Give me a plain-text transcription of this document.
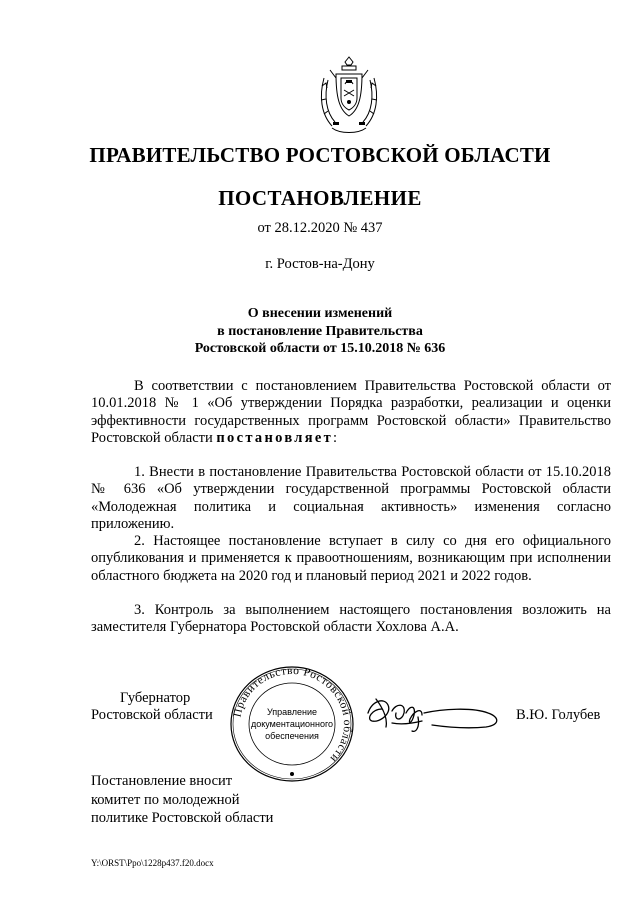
ПРАВИТЕЛЬСТВО РОСТОВСКОЙ ОБЛАСТИ
ПОСТАНОВЛЕНИЕ
от 28.12.2020 № 437
г. Ростов-на-Дону
О внесении изменений
в постановление Правительства
Ростовской области от 15.10.2018 № 636
В соответствии с постановлением Правительства Ростовской области от 10.01.2018 № 1 «Об утверждении Порядка разработки, реализации и оценки эффективности государственных программ Ростовской области» Правительство Ростовской области постановляет:
1. Внести в постановление Правительства Ростовской области от 15.10.2018 № 636 «Об утверждении государственной программы Ростовской области «Молодежная политика и социальная активность» изменения согласно приложению.
2. Настоящее постановление вступает в силу со дня его официального опубликования и применяется к правоотношениям, возникающим при исполнении областного бюджета на 2020 год и плановый период 2021 и 2022 годов.
3. Контроль за выполнением настоящего постановления возложить на заместителя Губернатора Ростовской области Хохлова А.А.
Губернатор
Ростовской области Правительство Ростовской области
Управление
документационного
обеспечения
В.Ю. Голубев
Постановление вносит
комитет по молодежной
политике Ростовской области
Y:\ORST\Ppo\1228p437.f20.docx
